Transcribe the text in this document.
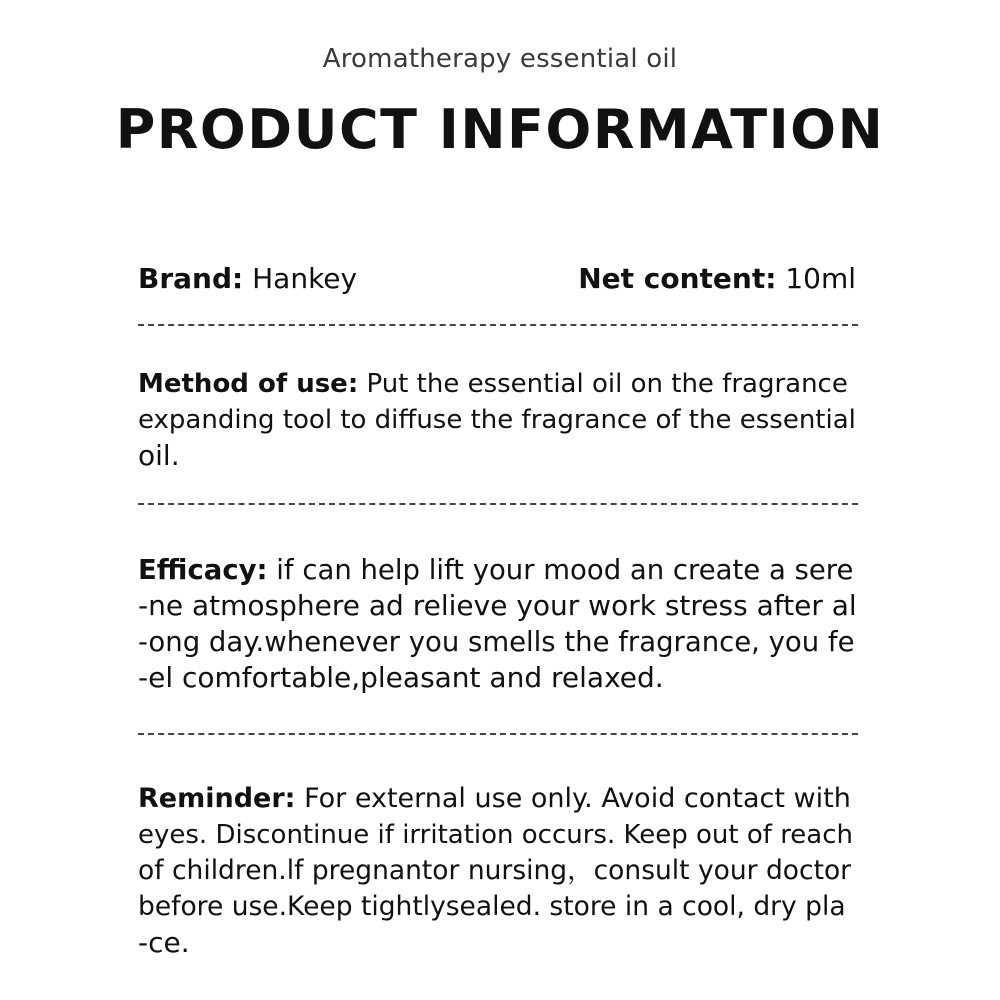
Aromatherapy essential oil
PRODUCT INFORMATION
Brand: Hankey	Net content: 10ml
Method of use: Put the essential oil on the fragrance
expanding tool to diffuse the fragrance of the essential
oil.
Efficacy: if can help lift your mood an create a sere
-ne atmosphere ad relieve your work stress after al
-ong day.whenever you smells the fragrance, you fe
-el comfortable,pleasant and relaxed.
Reminder: For external use only. Avoid contact with
eyes. Discontinue if irritation occurs. Keep out of reach
of children.lf pregnantor nursing，consult your doctor
before use.Keep tightlysealed. store in a cool, dry pla
-ce.
